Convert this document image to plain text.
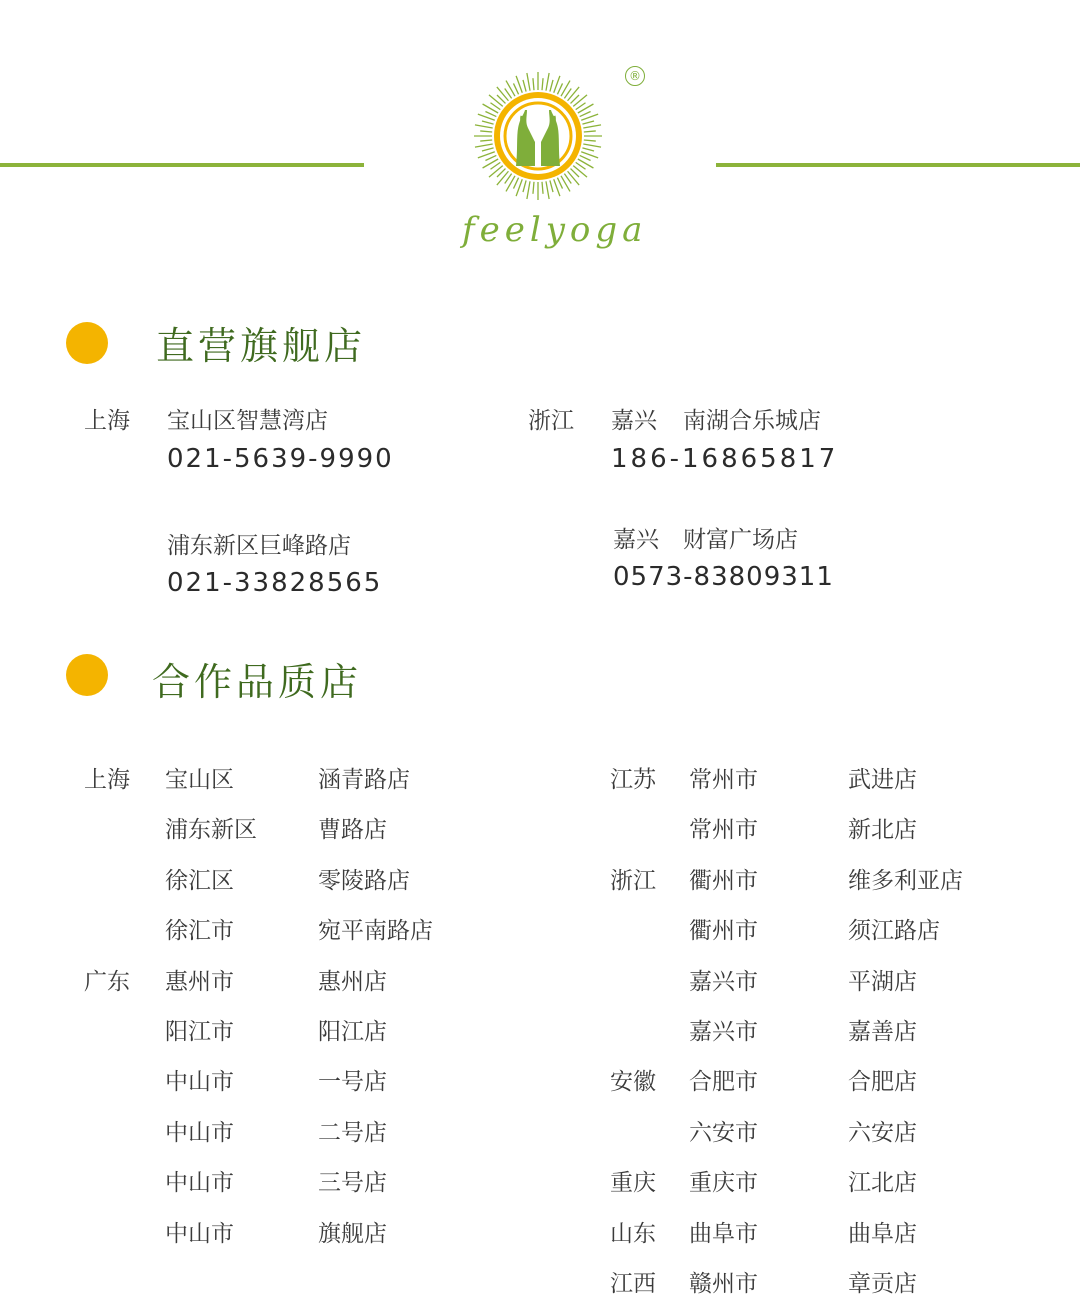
®
feelyoga
直营旗舰店
上海 宝山区智慧湾店
021-5639-9990
浦东新区巨峰路店
021-33828565
浙江 嘉兴 南湖合乐城店
186-16865817
嘉兴 财富广场店
0573-83809311
合作品质店
上海 宝山区	涵青路店
浦东新区	曹路店
徐汇区	零陵路店
徐汇市	宛平南路店
广东 惠州市	惠州店
阳江市	阳江店
中山市	一号店
中山市	二号店
中山市	三号店
中山市	旗舰店
江苏 常州市	武进店
常州市	新北店
浙江 衢州市	维多利亚店
衢州市	须江路店
嘉兴市	平湖店
嘉兴市	嘉善店
安徽 合肥市	合肥店
六安市	六安店
重庆 重庆市	江北店
山东 曲阜市	曲阜店
江西 赣州市	章贡店
